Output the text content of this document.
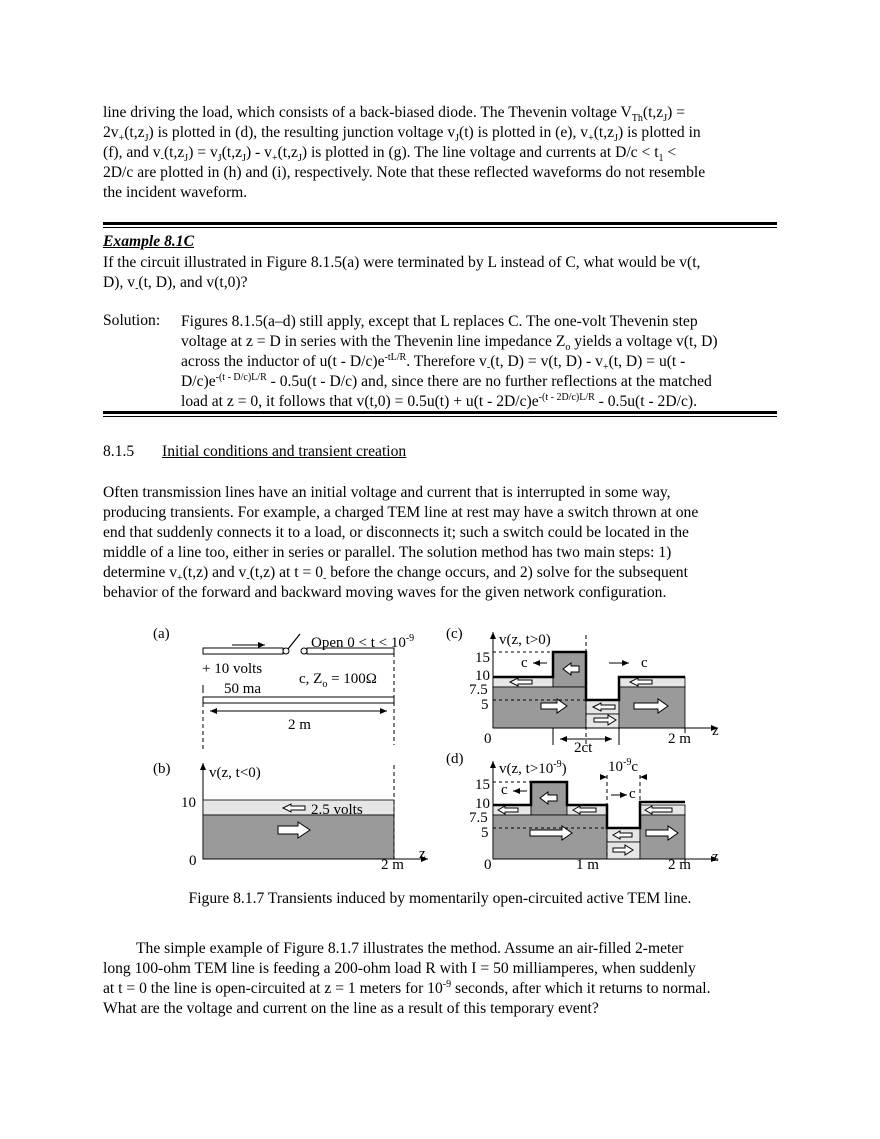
line driving the load, which consists of a back-biased diode. The Thevenin voltage $V_{Th}(t,z_J)$ =
$2v_+(t,z_J)$ is plotted in (d), the resulting junction voltage $v_J(t)$ is plotted in (e), $v_+(t,z_J)$ is plotted in
(f), and $v_-(t,z_J) = v_J(t,z_J) - v_+(t,z_J)$ is plotted in (g). The line voltage and currents at $D/c < t_1$ <
2D/c are plotted in (h) and (i), respectively. Note that these reflected waveforms do not resemble
the incident waveform.
Example 8.1C
If the circuit illustrated in Figure 8.1.5(a) were terminated by L instead of C, what would be v(t,
D), $v_-(t$, D), and v(t,0)?
Solution: Figures 8.1.5(a–d) still apply, except that L replaces C. The one-volt Thevenin step
voltage at z = D in series with the Thevenin line impedance $Z_o$ yields a voltage v(t, D)
across the inductor of $u(t - D/c)e^{-tL/R}$. Therefore $v_-(t$, D) = v(t, $D) - v_+(t$, D) = u(t -
$D/c)e^{-(t - D/c)L/R} - 0.5u(t - D/c)$ and, since there are no further reflections at the matched
load at z = 0, it follows that $v(t,0) = 0.5u(t) + u(t - 2D/c)e^{-(t - 2D/c)L/R} - 0.5u(t - 2D/c)$.
8.1.5 Initial conditions and transient creation
Often transmission lines have an initial voltage and current that is interrupted in some way,
producing transients. For example, a charged TEM line at rest may have a switch thrown at one
end that suddenly connects it to a load, or disconnects it; such a switch could be located in the
middle of a line too, either in series or parallel. The solution method has two main steps: 1)
determine $v_+(t,z)$ and $v_-(t,z)$ at $t = 0_-$ before the change occurs, and 2) solve for the subsequent
behavior of the forward and backward moving waves for the given network configuration.
(a)
Open $0 < t < 10^{-9}$
+ 10 volts
c, $Z_o = 100\Omega$
50 ma
2 m
(b)	v(z, t<0)
10	2.5 volts
0	2 m
z
(c) v(z, t>0)
15
10
7.5
5
c	c
0
2ct
2 m z
(d)
v(z, $t>10^{-9}$)	$10^{-9}c$
15
10
7.5
5
c	c
0	1 m	2 m z
Figure 8.1.7 Transients induced by momentarily open-circuited active TEM line.
The simple example of Figure 8.1.7 illustrates the method. Assume an air-filled 2-meter
long 100-ohm TEM line is feeding a 200-ohm load R with I = 50 milliamperes, when suddenly
at t = 0 the line is open-circuited at z = 1 meters for $10^{-9}$ seconds, after which it returns to normal.
What are the voltage and current on the line as a result of this temporary event?
